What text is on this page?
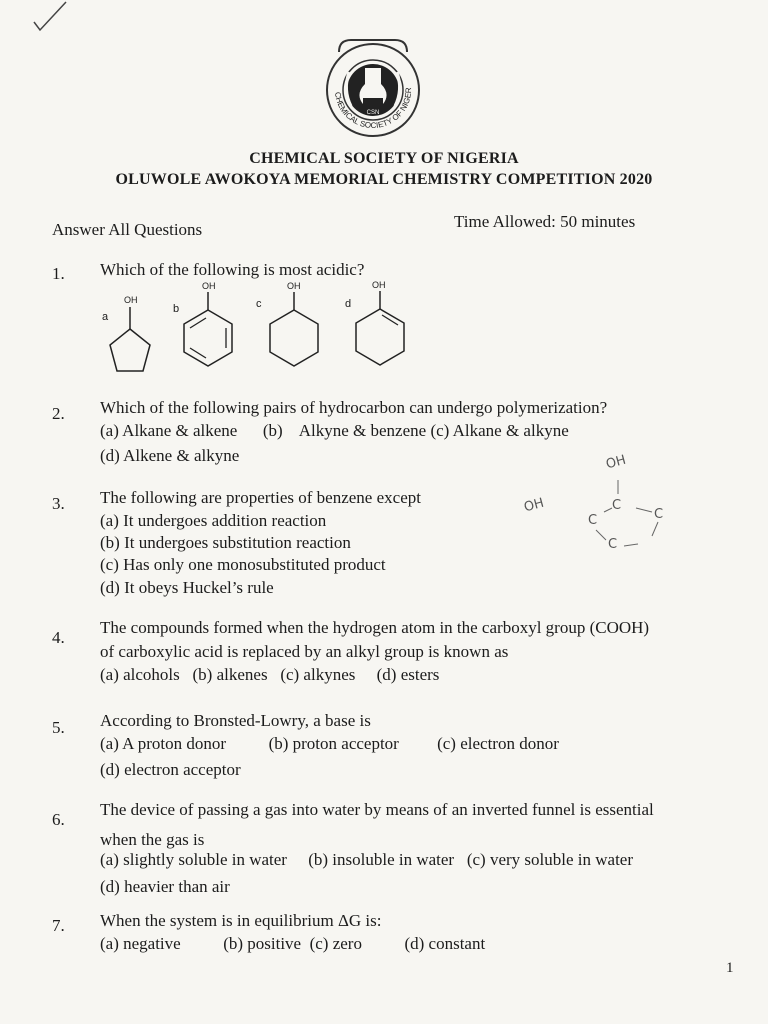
CHEMICAL SOCIETY OF NIGER
CSN
CHEMICAL SOCIETY OF NIGERIA
OLUWOLE AWOKOYA MEMORIAL CHEMISTRY COMPETITION 2020
Answer All Questions	Time Allowed: 50 minutes
1. Which of the following is most acidic?
a
OH
b
OH
c
OH
d
OH
2. Which of the following pairs of hydrocarbon can undergo polymerization?
(a) Alkane & alkene      (b)    Alkyne & benzene (c) Alkane & alkyne
(d) Alkene & alkyne	OH
OH	C
C
C
C
3. The following are properties of benzene except
(a) It undergoes addition reaction
(b) It undergoes substitution reaction
(c) Has only one monosubstituted product
(d) It obeys Huckel’s rule
4.
The compounds formed when the hydrogen atom in the carboxyl group (COOH)
of carboxylic acid is replaced by an alkyl group is known as
(a) alcohols   (b) alkenes   (c) alkynes     (d) esters
5. According to Bronsted-Lowry, a base is
(a) A proton donor          (b) proton acceptor         (c) electron donor
(d) electron acceptor
6.
The device of passing a gas into water by means of an inverted funnel is essential
when the gas is
(a) slightly soluble in water     (b) insoluble in water   (c) very soluble in water
(d) heavier than air
7. When the system is in equilibrium ΔG is:
(a) negative          (b) positive  (c) zero          (d) constant
1
